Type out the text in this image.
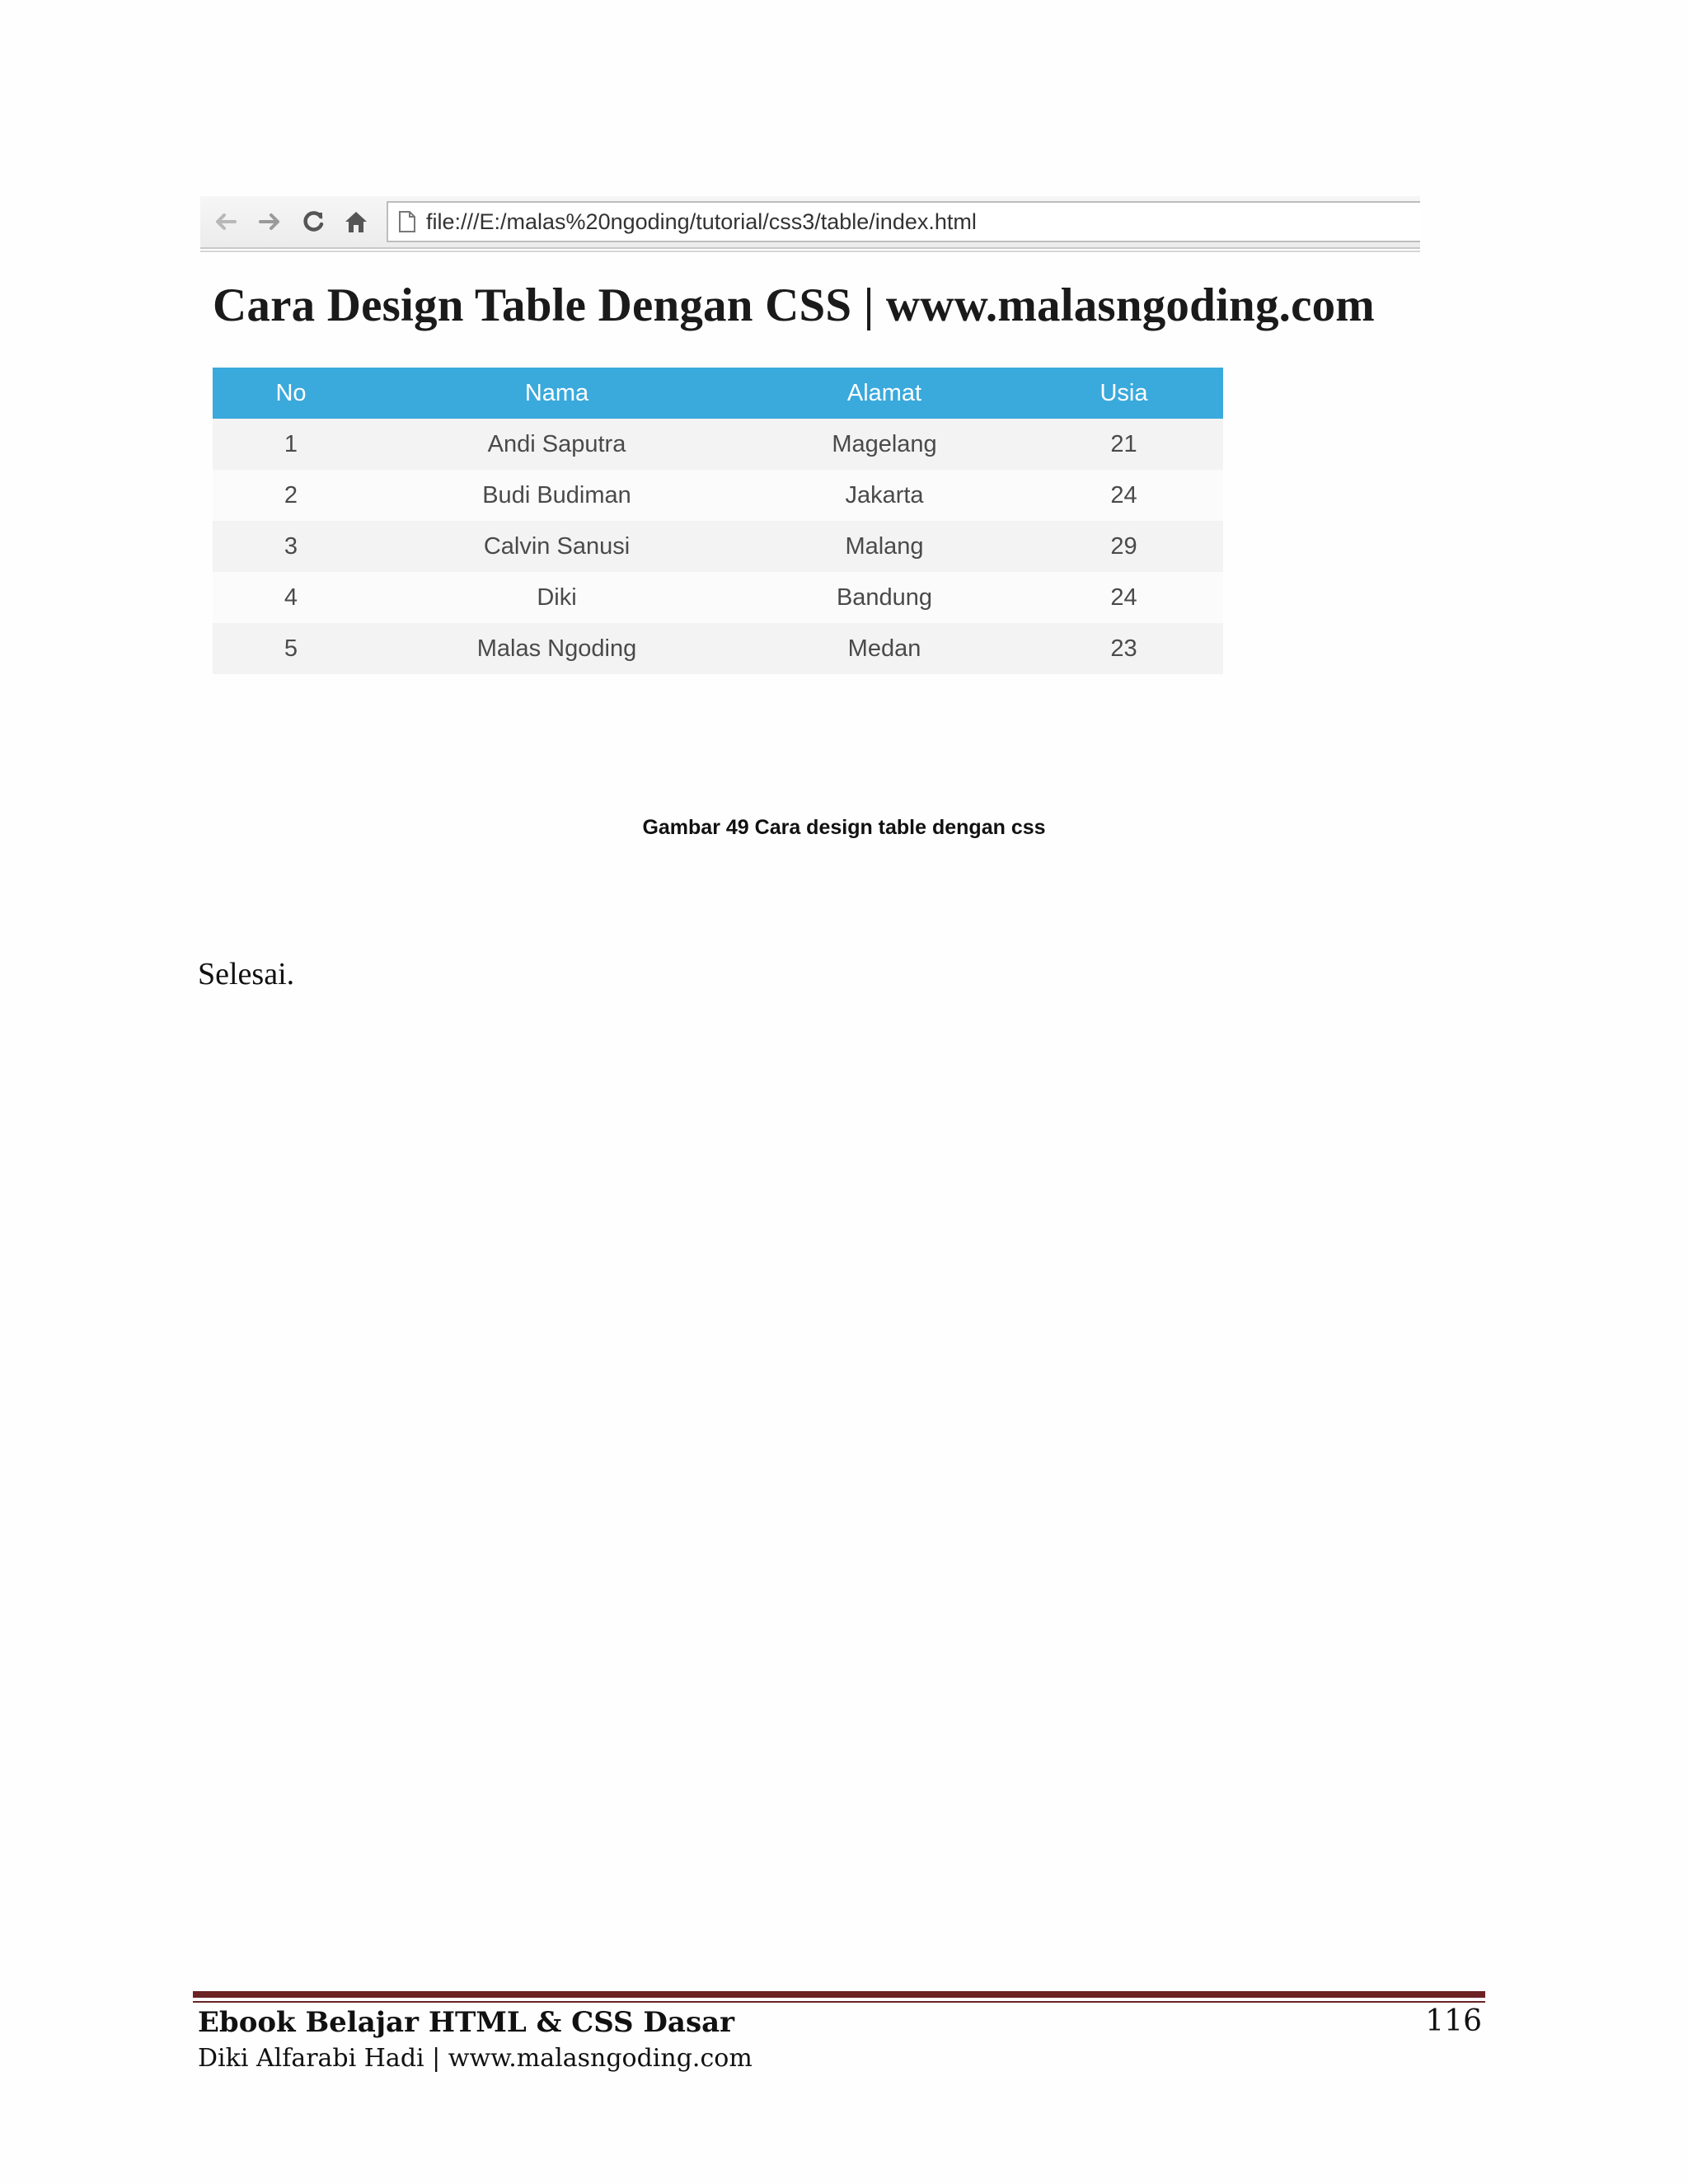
file:///E:/malas%20ngoding/tutorial/css3/table/index.html
Cara Design Table Dengan CSS | www.malasngoding.com
No	Nama	Alamat	Usia
1	Andi Saputra	Magelang	21
2	Budi Budiman	Jakarta	24
3	Calvin Sanusi	Malang	29
4	Diki	Bandung	24
5	Malas Ngoding	Medan	23
Gambar 49 Cara design table dengan css
Selesai.
Ebook Belajar HTML & CSS Dasar	116
Diki Alfarabi Hadi | www.malasngoding.com
